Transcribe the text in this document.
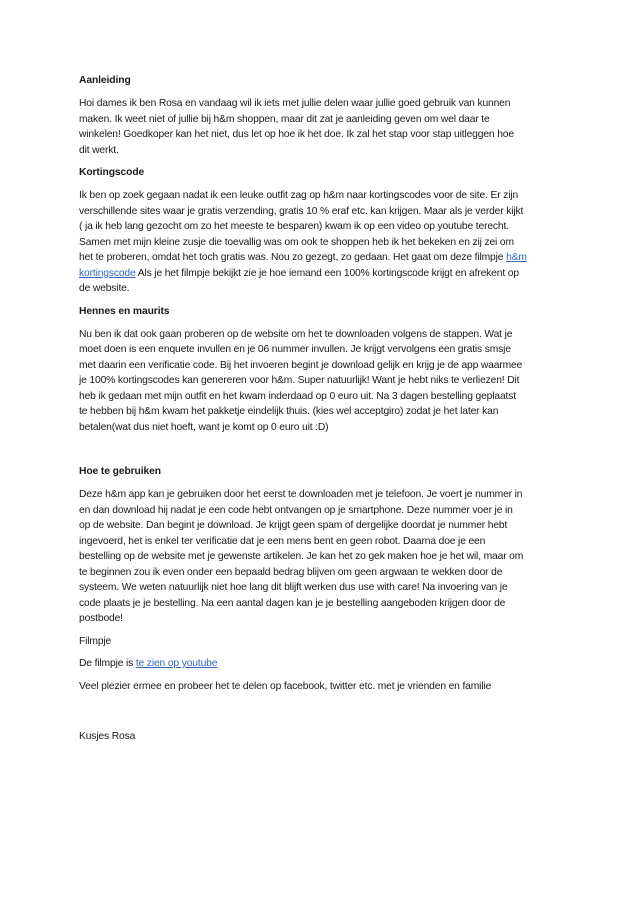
Aanleiding
Hoi dames ik ben Rosa en vandaag wil ik iets met jullie delen waar jullie goed gebruik van kunnen
maken. Ik weet niet of jullie bij h&m shoppen, maar dit zat je aanleiding geven om wel daar te
winkelen! Goedkoper kan het niet, dus let op hoe ik het doe. Ik zal het stap voor stap uitleggen hoe
dit werkt.
Kortingscode
Ik ben op zoek gegaan nadat ik een leuke outfit zag op h&m naar kortingscodes voor de site. Er zijn
verschillende sites waar je gratis verzending, gratis 10 % eraf etc. kan krijgen. Maar als je verder kijkt
( ja ik heb lang gezocht om zo het meeste te besparen) kwam ik op een video op youtube terecht.
Samen met mijn kleine zusje die toevallig was om ook te shoppen heb ik het bekeken en zij zei om
het te proberen, omdat het toch gratis was. Nou zo gezegt, zo gedaan. Het gaat om deze filmpje h&m
kortingscode Als je het filmpje bekijkt zie je hoe iemand een 100% kortingscode krijgt en afrekent op
de website.
Hennes en maurits
Nu ben ik dat ook gaan proberen op de website om het te downloaden volgens de stappen. Wat je
moet doen is een enquete invullen en je 06 nummer invullen. Je krijgt vervolgens een gratis smsje
met daarin een verificatie code. Bij het invoeren begint je download gelijk en krijg je de app waarmee
je 100% kortingscodes kan genereren voor h&m. Super natuurlijk! Want je hebt niks te verliezen! Dit
heb ik gedaan met mijn outfit en het kwam inderdaad op 0 euro uit. Na 3 dagen bestelling geplaatst
te hebben bij h&m kwam het pakketje eindelijk thuis. (kies wel acceptgiro) zodat je het later kan
betalen(wat dus niet hoeft, want je komt op 0 euro uit :D)
Hoe te gebruiken
Deze h&m app kan je gebruiken door het eerst te downloaden met je telefoon. Je voert je nummer in
en dan download hij nadat je een code hebt ontvangen op je smartphone. Deze nummer voer je in
op de website. Dan begint je download. Je krijgt geen spam of dergelijke doordat je nummer hebt
ingevoerd, het is enkel ter verificatie dat je een mens bent en geen robot. Daarna doe je een
bestelling op de website met je gewenste artikelen. Je kan het zo gek maken hoe je het wil, maar om
te beginnen zou ik even onder een bepaald bedrag blijven om geen argwaan te wekken door de
systeem. We weten natuurlijk niet hoe lang dit blijft werken dus use with care! Na invoering van je
code plaats je je bestelling. Na een aantal dagen kan je je bestelling aangeboden krijgen door de
postbode!
Filmpje
De filmpje is te zien op youtube
Veel plezier ermee en probeer het te delen op facebook, twitter etc. met je vrienden en familie
Kusjes Rosa
